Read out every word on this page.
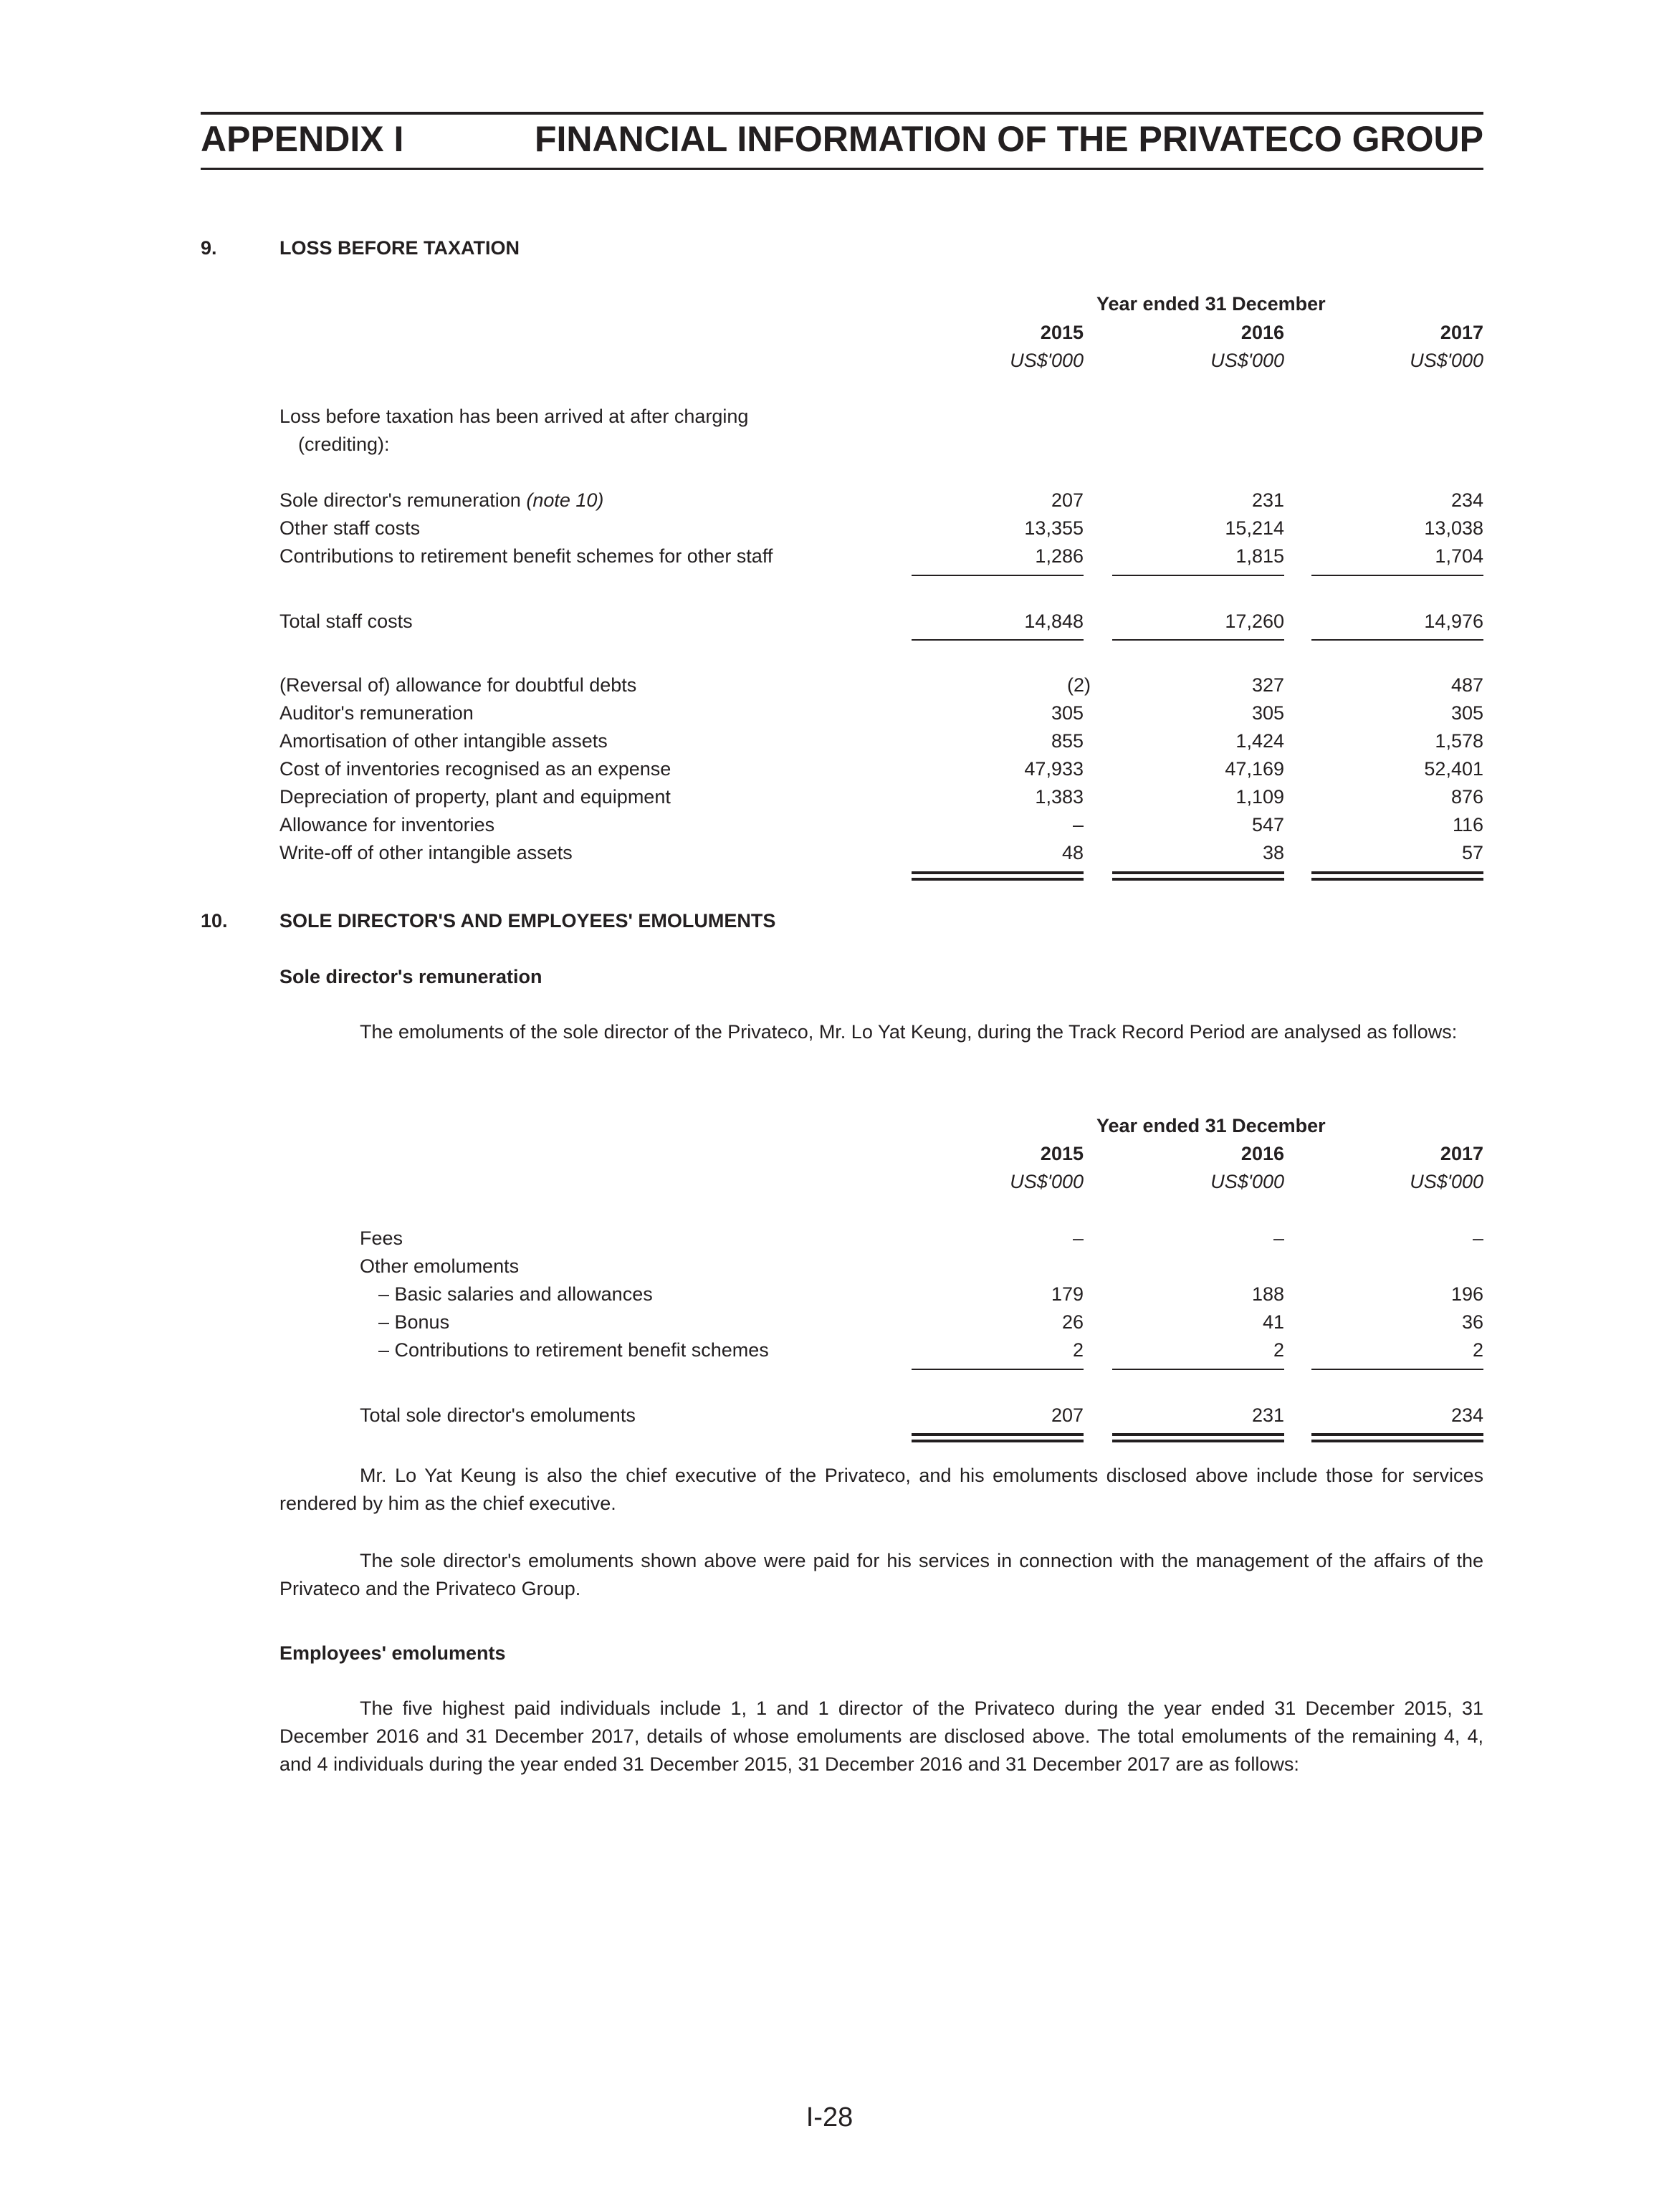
APPENDIX I	FINANCIAL INFORMATION OF THE PRIVATECO GROUP
9.	LOSS BEFORE TAXATION
Year ended 31 December
2015	2016	2017
US$'000	US$'000	US$'000
Loss before taxation has been arrived at after charging
(crediting):
Sole director's remuneration (note 10)	207	231	234
Other staff costs	13,355	15,214	13,038
Contributions to retirement benefit schemes for other staff	1,286	1,815	1,704
Total staff costs	14,848	17,260	14,976
(Reversal of) allowance for doubtful debts	(2)	327	487
Auditor's remuneration	305	305	305
Amortisation of other intangible assets	855	1,424	1,578
Cost of inventories recognised as an expense	47,933	47,169	52,401
Depreciation of property, plant and equipment	1,383	1,109	876
Allowance for inventories	–	547	116
Write-off of other intangible assets	48	38	57
10.	SOLE DIRECTOR'S AND EMPLOYEES' EMOLUMENTS
Sole director's remuneration
The emoluments of the sole director of the Privateco, Mr. Lo Yat Keung, during the Track Record Period are analysed as follows:
Year ended 31 December
2015	2016	2017
US$'000	US$'000	US$'000
Fees	–	–	–
Other emoluments
– Basic salaries and allowances	179	188	196
– Bonus	26	41	36
– Contributions to retirement benefit schemes	2	2	2
Total sole director's emoluments	207	231	234
Mr. Lo Yat Keung is also the chief executive of the Privateco, and his emoluments disclosed above include those for services rendered by him as the chief executive.
The sole director's emoluments shown above were paid for his services in connection with the management of the affairs of the Privateco and the Privateco Group.
Employees' emoluments
The five highest paid individuals include 1, 1 and 1 director of the Privateco during the year ended 31 December 2015, 31 December 2016 and 31 December 2017, details of whose emoluments are disclosed above. The total emoluments of the remaining 4, 4, and 4 individuals during the year ended 31 December 2015, 31 December 2016 and 31 December 2017 are as follows:
I-28
